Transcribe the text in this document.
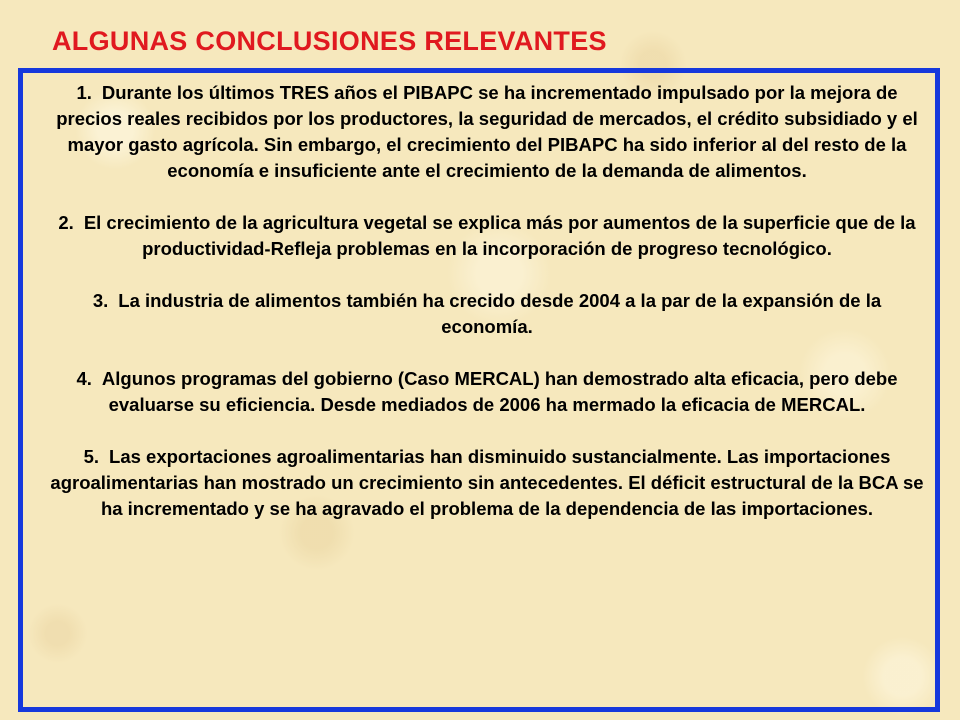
ALGUNAS CONCLUSIONES RELEVANTES
1. Durante los últimos TRES años el PIBAPC se ha incrementado impulsado por la mejora de precios reales recibidos por los productores, la seguridad de mercados, el crédito subsidiado y el mayor gasto agrícola. Sin embargo, el crecimiento del PIBAPC ha sido inferior al del resto de la economía e insuficiente ante el crecimiento de la demanda de alimentos.
2. El crecimiento de la agricultura vegetal se explica más por aumentos de la superficie que de la productividad-Refleja problemas en la incorporación de progreso tecnológico.
3. La industria de alimentos también ha crecido desde 2004 a la par de la expansión de la economía.
4. Algunos programas del gobierno (Caso MERCAL) han demostrado alta eficacia, pero debe evaluarse su eficiencia. Desde mediados de 2006 ha mermado la eficacia de MERCAL.
5. Las exportaciones agroalimentarias han disminuido sustancialmente. Las importaciones agroalimentarias han mostrado un crecimiento sin antecedentes. El déficit estructural de la BCA se ha incrementado y se ha agravado el problema de la dependencia de las importaciones.
